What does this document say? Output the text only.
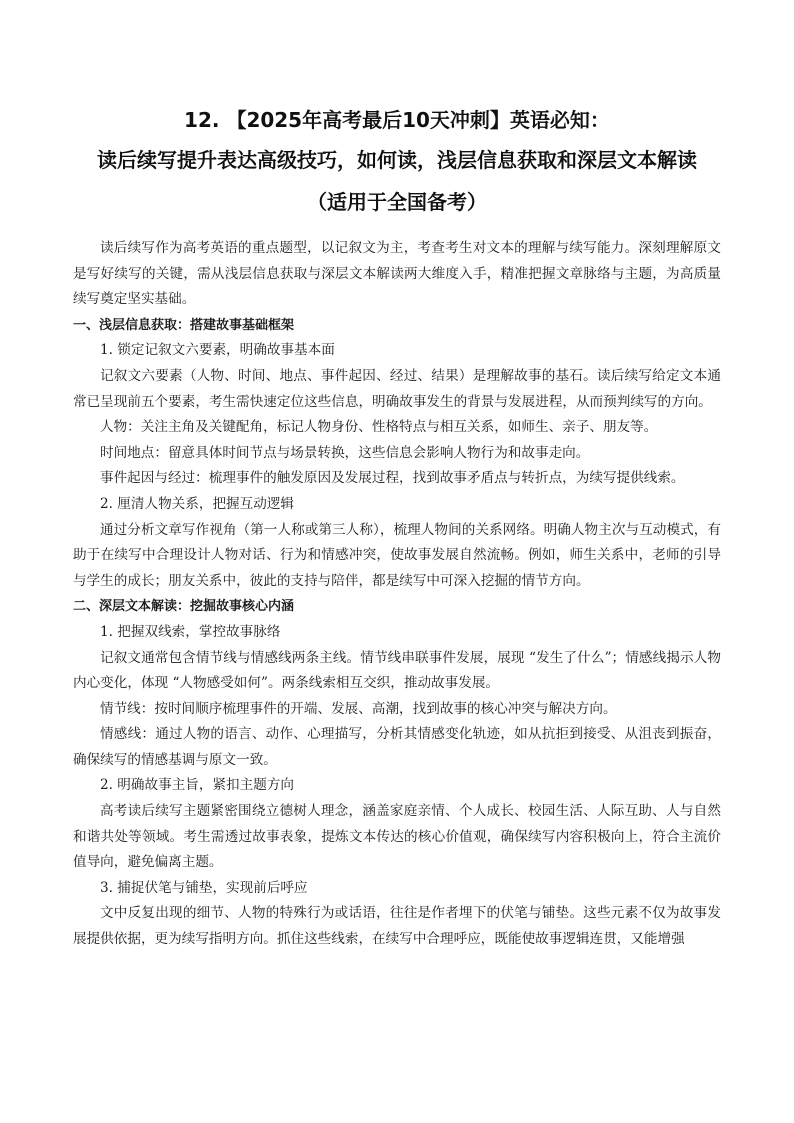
12. 【2025年高考最后10天冲刺】英语必知：
读后续写提升表达高级技巧，如何读，浅层信息获取和深层文本解读
（适用于全国备考）

读后续写作为高考英语的重点题型，以记叙文为主，考查考生对文本的理解与续写能力。深刻理解原文是写好续写的关键，需从浅层信息获取与深层文本解读两大维度入手，精准把握文章脉络与主题，为高质量续写奠定坚实基础。

一、浅层信息获取：搭建故事基础框架

1. 锁定记叙文六要素，明确故事基本面

记叙文六要素（人物、时间、地点、事件起因、经过、结果）是理解故事的基石。读后续写给定文本通常已呈现前五个要素，考生需快速定位这些信息，明确故事发生的背景与发展进程，从而预判续写的方向。

人物：关注主角及关键配角，标记人物身份、性格特点与相互关系，如师生、亲子、朋友等。

时间地点：留意具体时间节点与场景转换，这些信息会影响人物行为和故事走向。

事件起因与经过：梳理事件的触发原因及发展过程，找到故事矛盾点与转折点，为续写提供线索。

2. 厘清人物关系，把握互动逻辑

通过分析文章写作视角（第一人称或第三人称），梳理人物间的关系网络。明确人物主次与互动模式，有助于在续写中合理设计人物对话、行为和情感冲突，使故事发展自然流畅。例如，师生关系中，老师的引导与学生的成长；朋友关系中，彼此的支持与陪伴，都是续写中可深入挖掘的情节方向。

二、深层文本解读：挖掘故事核心内涵

1. 把握双线索，掌控故事脉络

记叙文通常包含情节线与情感线两条主线。情节线串联事件发展，展现 “发生了什么”；情感线揭示人物内心变化，体现 “人物感受如何”。两条线索相互交织，推动故事发展。

情节线：按时间顺序梳理事件的开端、发展、高潮，找到故事的核心冲突与解决方向。

情感线：通过人物的语言、动作、心理描写，分析其情感变化轨迹，如从抗拒到接受、从沮丧到振奋，确保续写的情感基调与原文一致。

2. 明确故事主旨，紧扣主题方向

高考读后续写主题紧密围绕立德树人理念，涵盖家庭亲情、个人成长、校园生活、人际互助、人与自然和谐共处等领域。考生需透过故事表象，提炼文本传达的核心价值观，确保续写内容积极向上，符合主流价值导向，避免偏离主题。

3. 捕捉伏笔与铺垫，实现前后呼应

文中反复出现的细节、人物的特殊行为或话语，往往是作者埋下的伏笔与铺垫。这些元素不仅为故事发展提供依据，更为续写指明方向。抓住这些线索，在续写中合理呼应，既能使故事逻辑连贯，又能增强
